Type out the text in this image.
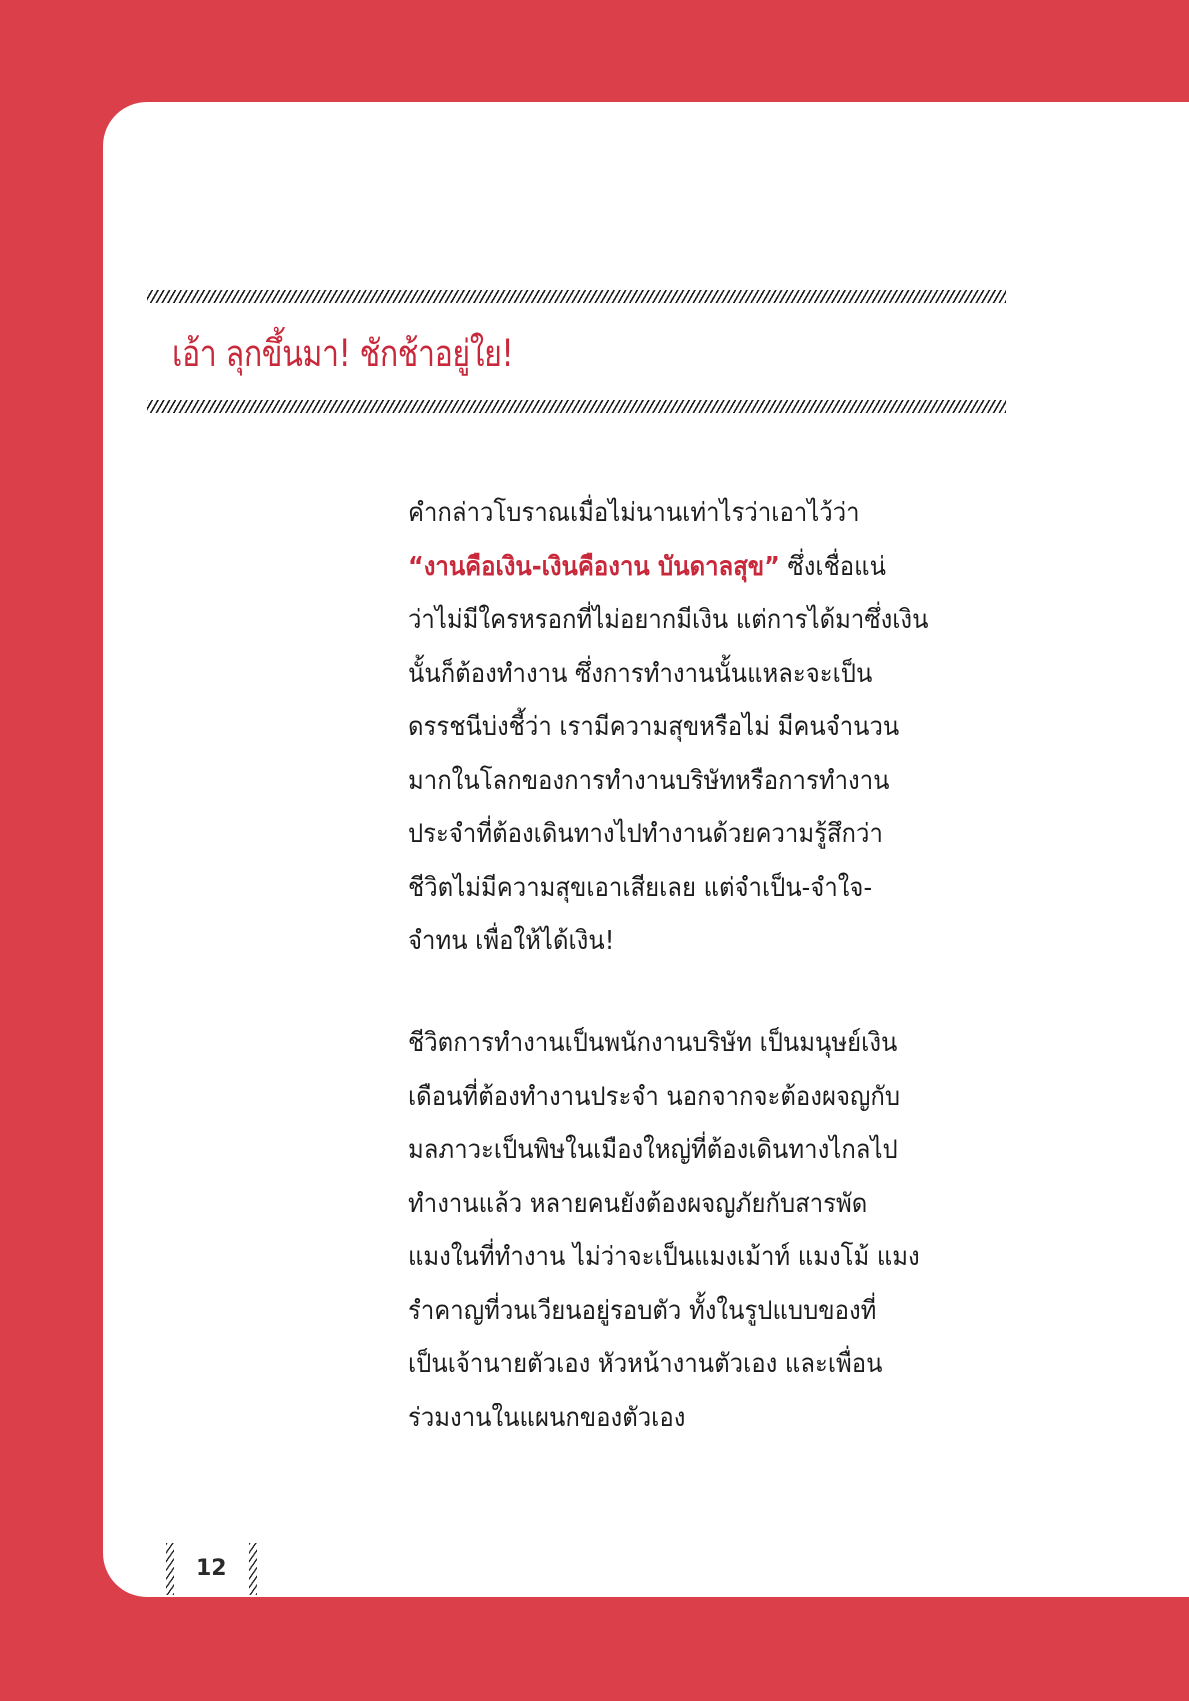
เอ้า ลุกขึ้นมา! ชักช้าอยู่ใย!
คำกล่าวโบราณเมื่อไม่นานเท่าไรว่าเอาไว้ว่า
“งานคือเงิน-เงินคืองาน บันดาลสุข” ซึ่งเชื่อแน่
ว่าไม่มีใครหรอกที่ไม่อยากมีเงิน แต่การได้มาซึ่งเงิน
นั้นก็ต้องทำงาน ซึ่งการทำงานนั้นแหละจะเป็น
ดรรชนีบ่งชี้ว่า เรามีความสุขหรือไม่ มีคนจำนวน
มากในโลกของการทำงานบริษัทหรือการทำงาน
ประจำที่ต้องเดินทางไปทำงานด้วยความรู้สึกว่า
ชีวิตไม่มีความสุขเอาเสียเลย แต่จำเป็น-จำใจ-
จำทน เพื่อให้ได้เงิน!
ชีวิตการทำงานเป็นพนักงานบริษัท เป็นมนุษย์เงิน
เดือนที่ต้องทำงานประจำ นอกจากจะต้องผจญกับ
มลภาวะเป็นพิษในเมืองใหญ่ที่ต้องเดินทางไกลไป
ทำงานแล้ว หลายคนยังต้องผจญภัยกับสารพัด
แมงในที่ทำงาน ไม่ว่าจะเป็นแมงเม้าท์ แมงโม้ แมง
รำคาญที่วนเวียนอยู่รอบตัว ทั้งในรูปแบบของที่
เป็นเจ้านายตัวเอง หัวหน้างานตัวเอง และเพื่อน
ร่วมงานในแผนกของตัวเอง
12
